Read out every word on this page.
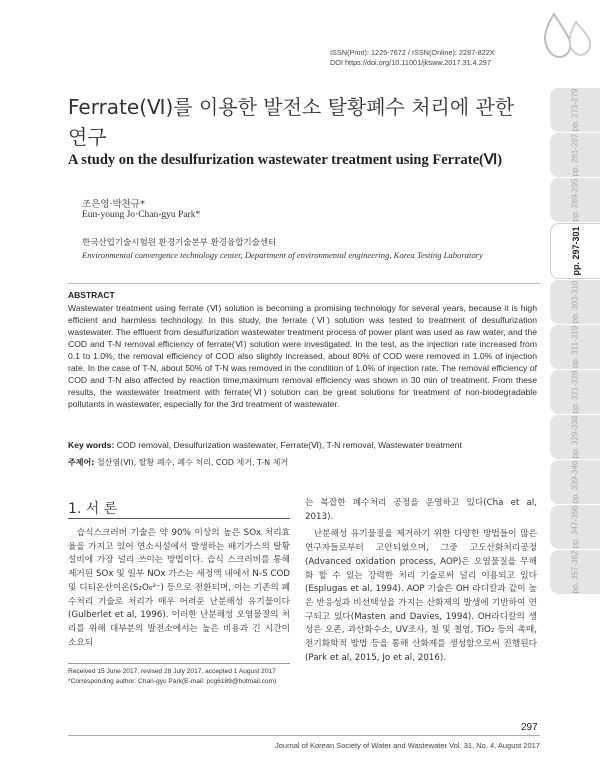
ISSN(Print): 1225-7672 / ISSN(Online): 2287-822X
DOI https://doi.org/10.11001/jksww.2017.31.4.297
pp. 273-279
pp. 281-287
pp. 289-295
pp. 297-301
pp. 303-310
pp. 311-319
pp. 321-328
pp. 329-338
pp. 339-346
pp. 347-356
pp. 357-362
Ferrate(Ⅵ)를 이용한 발전소 탈황폐수 처리에 관한 연구
A study on the desulfurization wastewater treatment using Ferrate(Ⅵ)
조은영·박찬규*
Eun-young Jo·Chan-gyu Park*
한국산업기술시험원 환경기술본부 환경융합기술센터
Environmental convergence technology center, Department of environmental engineering, Korea Testing Laboratory
ABSTRACT
Wastewater treatment using ferrate (Ⅵ) solution is becoming a promising technology for several years, because it is high efficient and harmless technology. In this study, the ferrate (Ⅵ) solution was tested to treatment of desulfurization wastewater. The effluent from desulfurization wastewater treatment process of power plant was used as raw water, and the COD and T-N removal efficiency of ferrate(Ⅵ) solution were investigated. In the test, as the injection rate increased from 0.1 to 1.0%, the removal efficiency of COD also slightly increased, about 80% of COD were removed in 1.0% of injection rate. In the case of T-N, about 50% of T-N was removed in the condition of 1.0% of injection rate. The removal efficiency of COD and T-N also affected by reaction time,maximum removal efficiency was shown in 30 min of treatment. From these results, the wastewater treatment with ferrate(Ⅵ) solution can be great solutions for treatment of non-biodegradable pollutants in wastewater, especially for the 3rd treatment of wastewater.
Key words: COD removal, Desulfurization wastewater, Ferrate(Ⅵ), T-N removal, Wastewater treatment
주제어: 철산염(Ⅵ), 탈황 폐수, 폐수 처리, COD 제거, T-N 제거
1. 서 론

습식스크러버 기술은 약 90% 이상의 높은 SOx 처리효율을 가지고 있어 연소시설에서 발생하는 배기가스의 탈황설비에 가장 널리 쓰이는 방법이다. 습식 스크러버를 통해 제거된 SOx 및 일부 NOx 가스는 세정액 내에서 N-S COD 및 디티온산이온(S₂O₆²⁻) 등으로 전환되며, 이는 기존의 폐수처리 기술로 처리가 매우 어려운 난분해성 유기물이다(Gulberlet et al, 1996). 이러한 난분해성 오염물질의 처리를 위해 대부분의 발전소에서는 높은 비용과 긴 시간이 소요되

는 복잡한 폐수처리 공정을 운영하고 있다(Cha et al, 2013).

난분해성 유기물질을 제거하기 위한 다양한 방법들이 많은 연구자들로부터 고안되었으며, 그중 고도산화처리공정(Advanced oxidation process, AOP)은 오염물질을 무해화 할 수 있는 강력한 처리 기술로써 널리 이용되고 있다(Esplugas et al, 1994). AOP 기술은 OH 라디칼과 같이 높은 반응성과 비선택성을 가지는 산화제의 발생에 기반하여 연구되고 있다(Masten and Davies, 1994). OH라디칼의 생성은 오존, 과산화수소, UV조사, 철 및 철염, TiO₂ 등의 촉매, 전기화학적 방법 등을 통해 산화제를 생성함으로써 진행된다(Park et al, 2015, Jo et al, 2016).

Received 15 June 2017, revised 28 July 2017, accepted 1 August 2017
*Corresponding author: Chan-gyu Park(E-mail: pcg6189@hotmail.com)
297
Journal of Korean Society of Water and Wastewater Vol. 31, No. 4, August 2017
